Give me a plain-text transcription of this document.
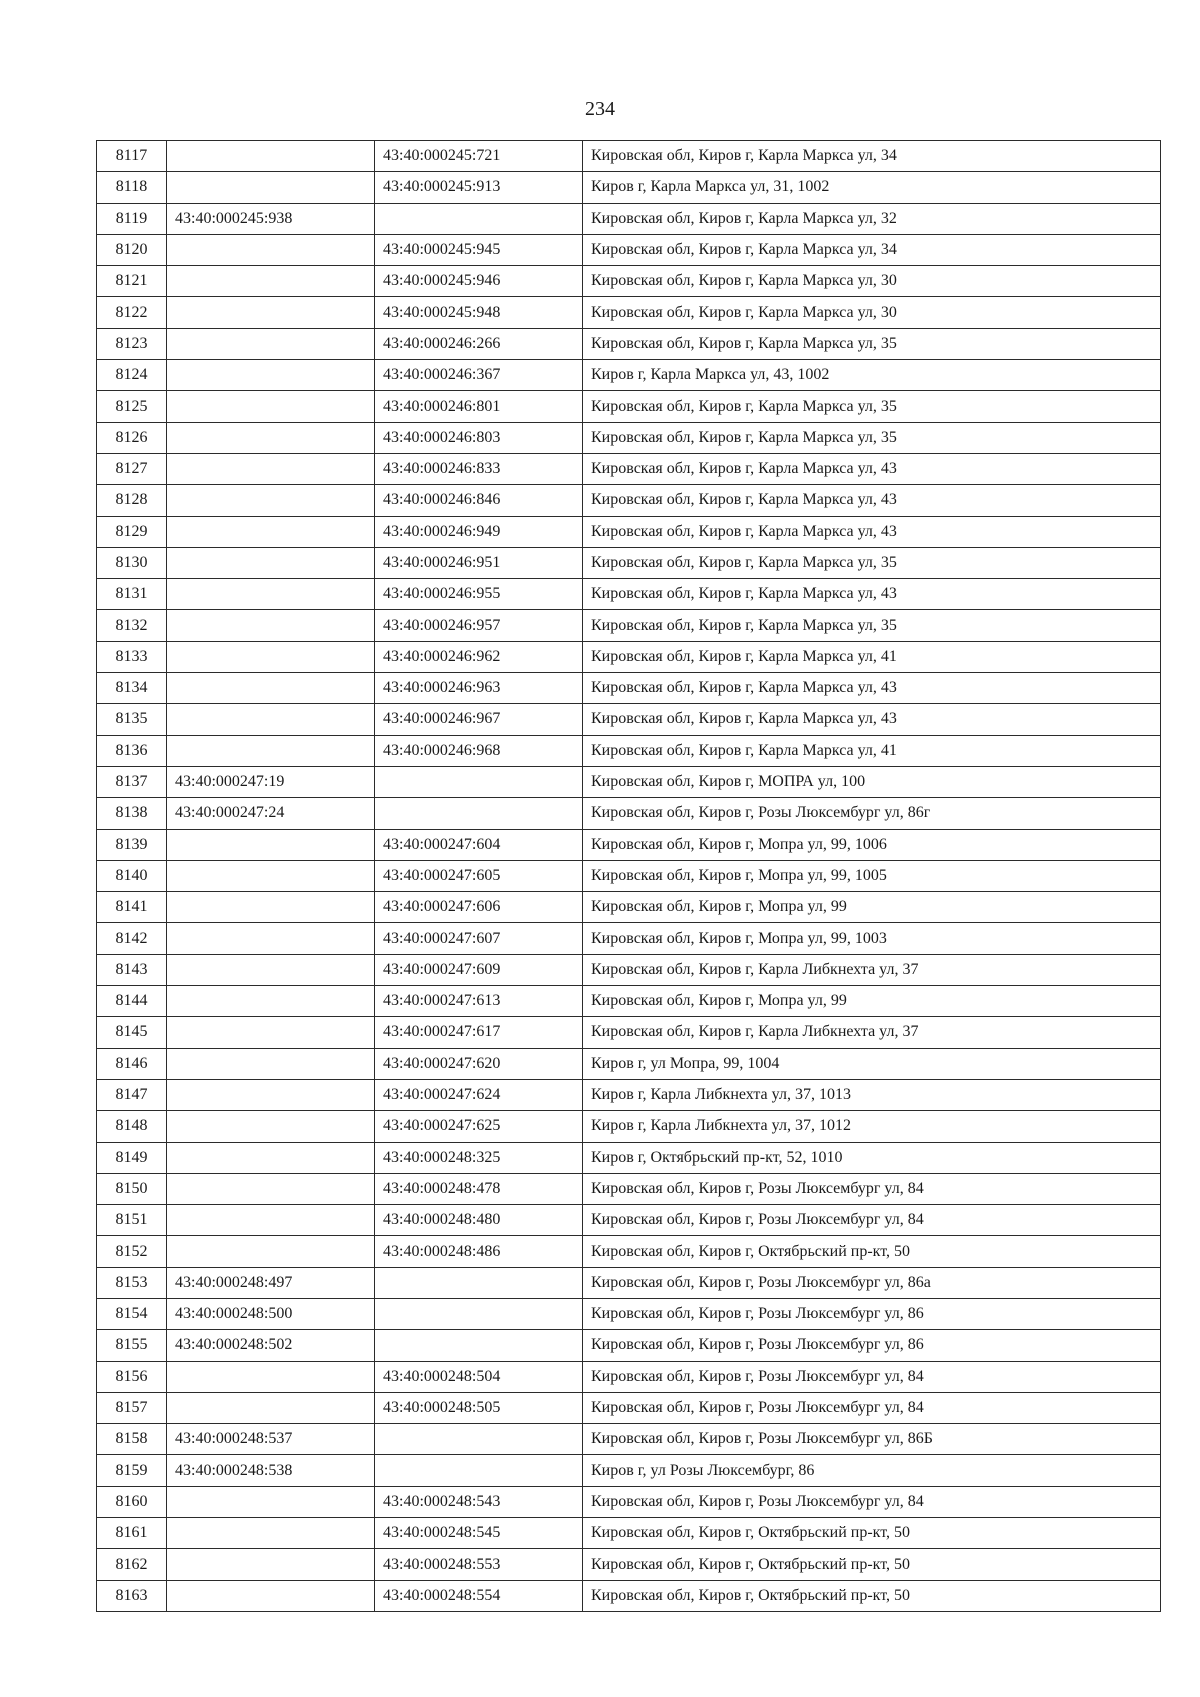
234
8117		43:40:000245:721	Кировская обл, Киров г, Карла Маркса ул, 34
8118		43:40:000245:913	Киров г, Карла Маркса ул, 31, 1002
8119	43:40:000245:938		Кировская обл, Киров г, Карла Маркса ул, 32
8120		43:40:000245:945	Кировская обл, Киров г, Карла Маркса ул, 34
8121		43:40:000245:946	Кировская обл, Киров г, Карла Маркса ул, 30
8122		43:40:000245:948	Кировская обл, Киров г, Карла Маркса ул, 30
8123		43:40:000246:266	Кировская обл, Киров г, Карла Маркса ул, 35
8124		43:40:000246:367	Киров г, Карла Маркса ул, 43, 1002
8125		43:40:000246:801	Кировская обл, Киров г, Карла Маркса ул, 35
8126		43:40:000246:803	Кировская обл, Киров г, Карла Маркса ул, 35
8127		43:40:000246:833	Кировская обл, Киров г, Карла Маркса ул, 43
8128		43:40:000246:846	Кировская обл, Киров г, Карла Маркса ул, 43
8129		43:40:000246:949	Кировская обл, Киров г, Карла Маркса ул, 43
8130		43:40:000246:951	Кировская обл, Киров г, Карла Маркса ул, 35
8131		43:40:000246:955	Кировская обл, Киров г, Карла Маркса ул, 43
8132		43:40:000246:957	Кировская обл, Киров г, Карла Маркса ул, 35
8133		43:40:000246:962	Кировская обл, Киров г, Карла Маркса ул, 41
8134		43:40:000246:963	Кировская обл, Киров г, Карла Маркса ул, 43
8135		43:40:000246:967	Кировская обл, Киров г, Карла Маркса ул, 43
8136		43:40:000246:968	Кировская обл, Киров г, Карла Маркса ул, 41
8137	43:40:000247:19		Кировская обл, Киров г, МОПРА ул, 100
8138	43:40:000247:24		Кировская обл, Киров г, Розы Люксембург ул, 86г
8139		43:40:000247:604	Кировская обл, Киров г, Мопра ул, 99, 1006
8140		43:40:000247:605	Кировская обл, Киров г, Мопра ул, 99, 1005
8141		43:40:000247:606	Кировская обл, Киров г, Мопра ул, 99
8142		43:40:000247:607	Кировская обл, Киров г, Мопра ул, 99, 1003
8143		43:40:000247:609	Кировская обл, Киров г, Карла Либкнехта ул, 37
8144		43:40:000247:613	Кировская обл, Киров г, Мопра ул, 99
8145		43:40:000247:617	Кировская обл, Киров г, Карла Либкнехта ул, 37
8146		43:40:000247:620	Киров г, ул Мопра, 99, 1004
8147		43:40:000247:624	Киров г, Карла Либкнехта ул, 37, 1013
8148		43:40:000247:625	Киров г, Карла Либкнехта ул, 37, 1012
8149		43:40:000248:325	Киров г, Октябрьский пр-кт, 52, 1010
8150		43:40:000248:478	Кировская обл, Киров г, Розы Люксембург ул, 84
8151		43:40:000248:480	Кировская обл, Киров г, Розы Люксембург ул, 84
8152		43:40:000248:486	Кировская обл, Киров г, Октябрьский пр-кт, 50
8153	43:40:000248:497		Кировская обл, Киров г, Розы Люксембург ул, 86а
8154	43:40:000248:500		Кировская обл, Киров г, Розы Люксембург ул, 86
8155	43:40:000248:502		Кировская обл, Киров г, Розы Люксембург ул, 86
8156		43:40:000248:504	Кировская обл, Киров г, Розы Люксембург ул, 84
8157		43:40:000248:505	Кировская обл, Киров г, Розы Люксембург ул, 84
8158	43:40:000248:537		Кировская обл, Киров г, Розы Люксембург ул, 86Б
8159	43:40:000248:538		Киров г, ул Розы Люксембург, 86
8160		43:40:000248:543	Кировская обл, Киров г, Розы Люксембург ул, 84
8161		43:40:000248:545	Кировская обл, Киров г, Октябрьский пр-кт, 50
8162		43:40:000248:553	Кировская обл, Киров г, Октябрьский пр-кт, 50
8163		43:40:000248:554	Кировская обл, Киров г, Октябрьский пр-кт, 50
